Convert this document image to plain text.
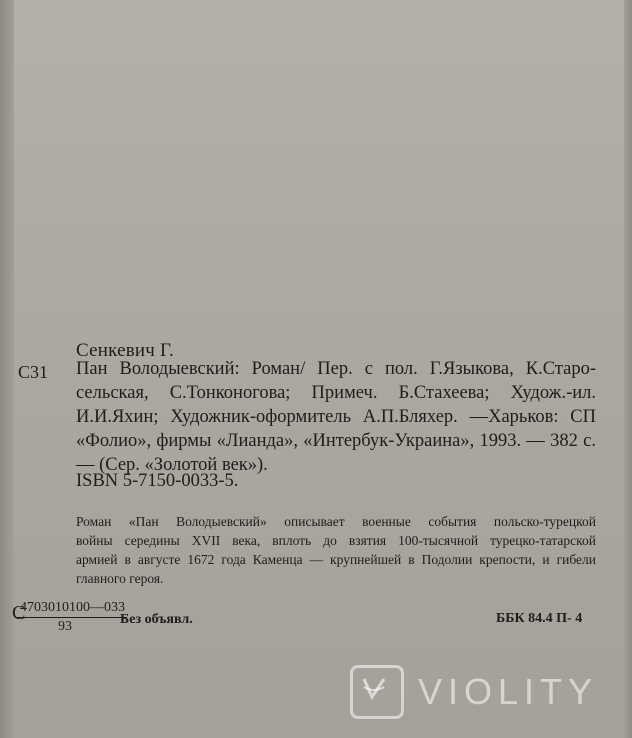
Сенкевич Г.
С31 Пан Володыевский: Роман/ Пер. с пол. Г.Языкова, К.Старо-
сельская, С.Тонконогова; Примеч. Б.Стахеева; Худож.-ил.
И.И.Яхин; Художник-оформитель А.П.Бляхер. —Харьков: СП
«Фолио», фирмы «Лианда», «Интербук-Украина», 1993. — 382 с.
— (Сер. «Золотой век»).
ISBN 5-7150-0033-5.
Роман «Пан Володыевский» описывает военные события польско-турецкой
войны середины XVII века, вплоть до взятия 100-тысячной турецко-татарской
армией в августе 1672 года Каменца — крупнейшей в Подолии крепости, и гибели
главного героя.
С
$\frac{4703010100—033}{93}$
Без объявл.	ББК 84.4 П- 4
VIOLITY
